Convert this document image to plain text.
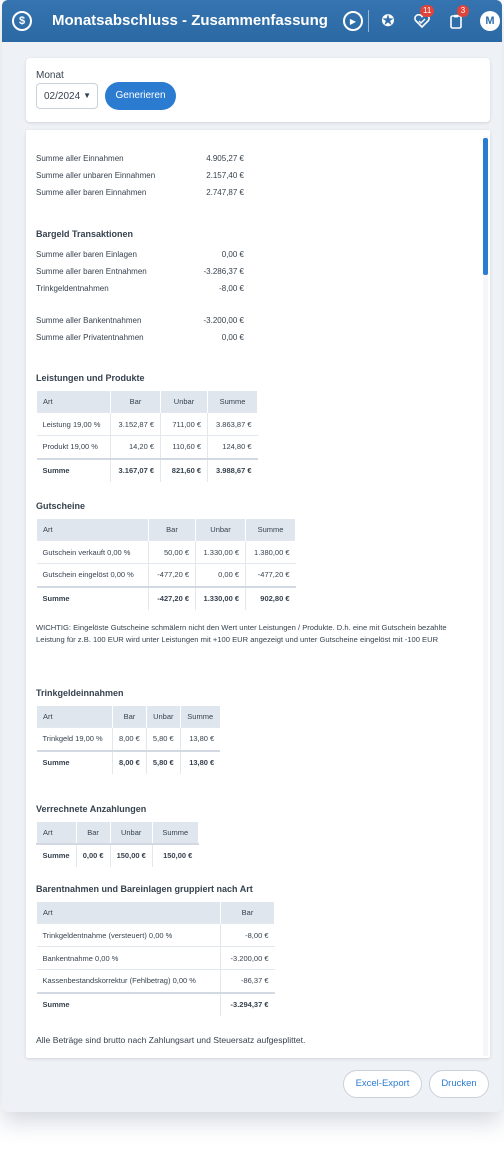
$	Monatsabschluss - Zusammenfassung	▶	✪
11	3
M
Monat
02/2024 ▼	Generieren
Summe aller Einnahmen	4.905,27 €
Summe aller unbaren Einnahmen	2.157,40 €
Summe aller baren Einnahmen	2.747,87 €
Bargeld Transaktionen
Summe aller baren Einlagen	0,00 €
Summe aller baren Entnahmen	-3.286,37 €
Trinkgeldentnahmen	-8,00 €
Summe aller Bankentnahmen	-3.200,00 €
Summe aller Privatentnahmen	0,00 €
Leistungen und Produkte
Art	Bar	Unbar	Summe
Leistung 19,00 %	3.152,87 €	711,00 €	3.863,87 €
Produkt 19,00 %	14,20 €	110,60 €	124,80 €
Summe	3.167,07 €	821,60 €	3.988,67 €
Gutscheine
Art	Bar	Unbar	Summe
Gutschein verkauft 0,00 %	50,00 €	1.330,00 €	1.380,00 €
Gutschein eingelöst 0,00 %	-477,20 €	0,00 €	-477,20 €
Summe	-427,20 €	1.330,00 €	902,80 €
WICHTIG: Eingelöste Gutscheine schmälern nicht den Wert unter Leistungen / Produkte. D.h. eine mit Gutschein bezahlte Leistung für z.B. 100 EUR wird unter Leistungen mit +100 EUR angezeigt und unter Gutscheine eingelöst mit -100 EUR
Trinkgeldeinnahmen
Art	Bar	Unbar	Summe
Trinkgeld 19,00 %	8,00 €	5,80 €	13,80 €
Summe	8,00 €	5,80 €	13,80 €
Verrechnete Anzahlungen
Art	Bar	Unbar	Summe
Summe	0,00 €	150,00 €	150,00 €
Barentnahmen und Bareinlagen gruppiert nach Art
Art	Bar
Trinkgeldentnahme (versteuert) 0,00 %	-8,00 €
Bankentnahme 0,00 %	-3.200,00 €
Kassenbestandskorrektur (Fehlbetrag) 0,00 %	-86,37 €
Summe	-3.294,37 €
Alle Beträge sind brutto nach Zahlungsart und Steuersatz aufgesplittet.
Excel-Export	Drucken
